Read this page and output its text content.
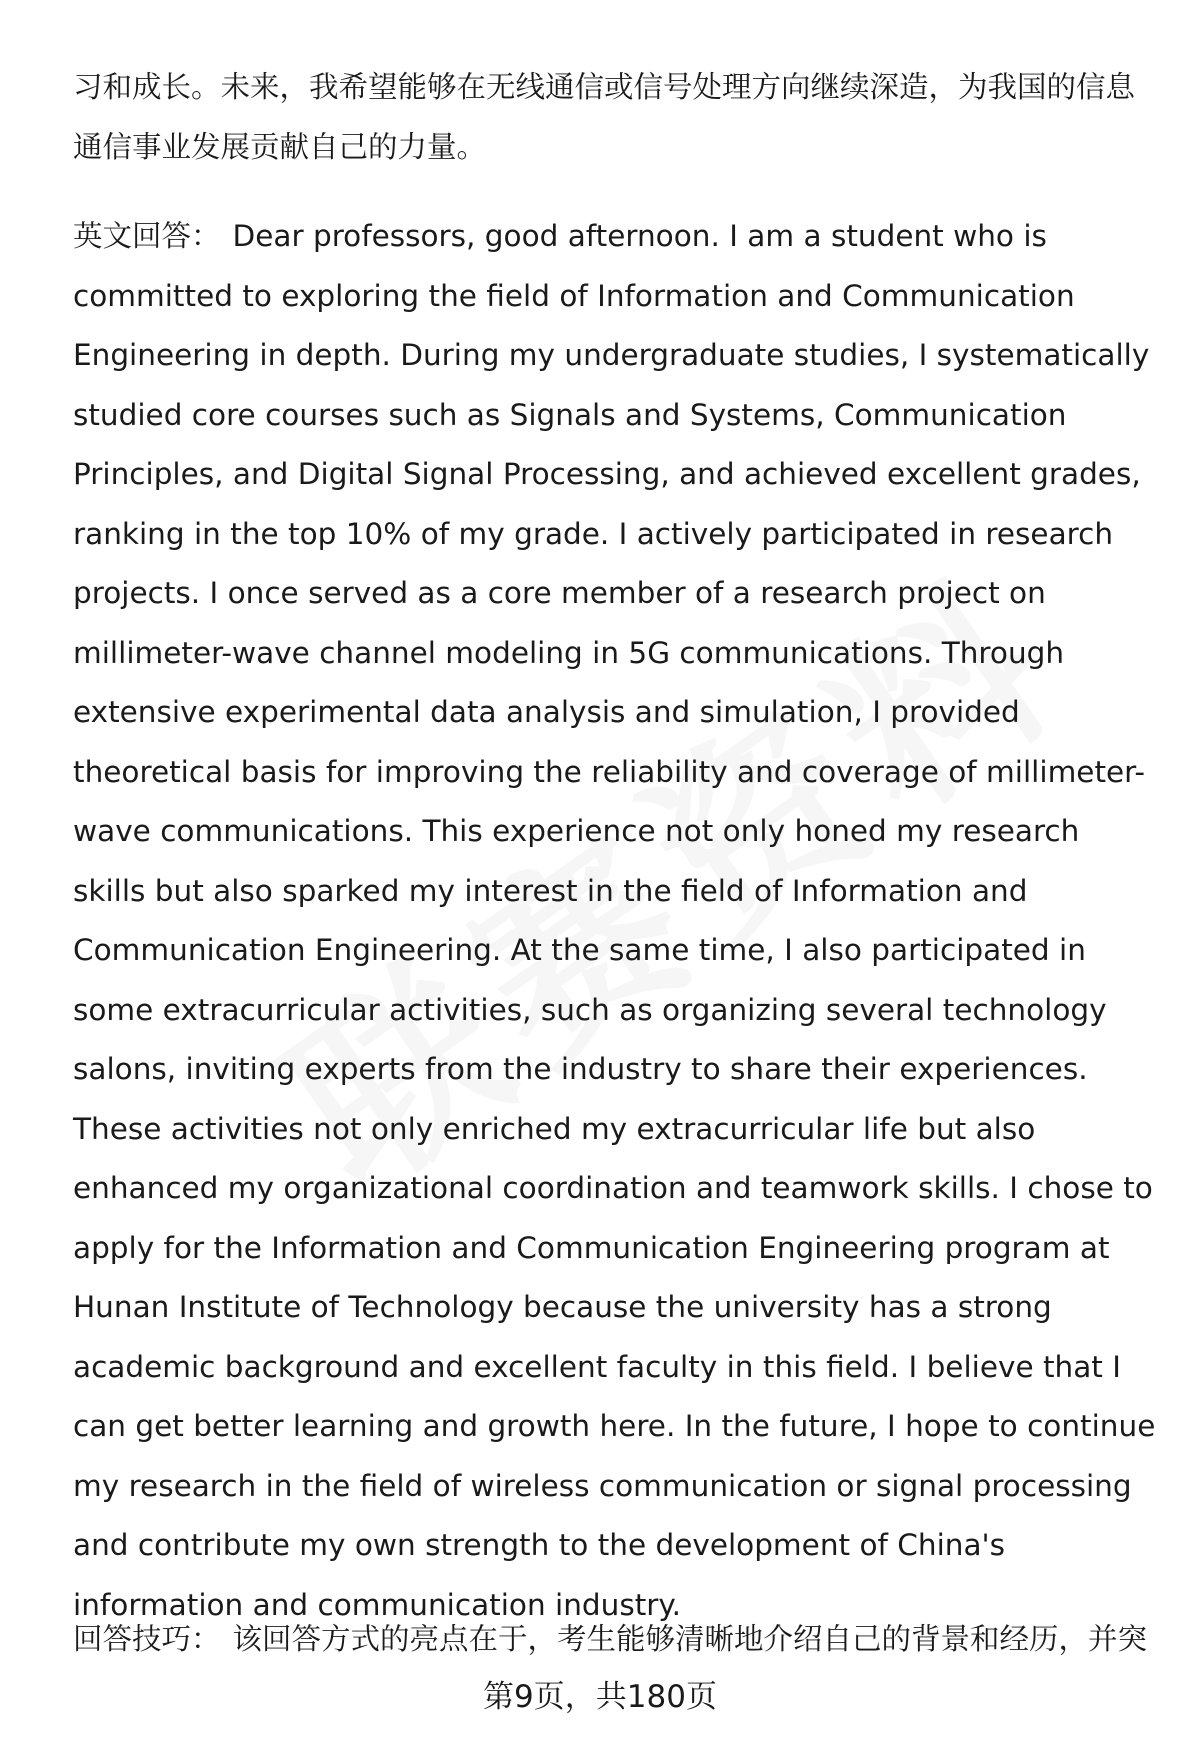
习和成长。未来，我希望能够在无线通信或信号处理方向继续深造，为我国的信息通信事业发展贡献自己的力量。

英文回答： Dear professors, good afternoon. I am a student who is committed to exploring the field of Information and Communication Engineering in depth. During my undergraduate studies, I systematically studied core courses such as Signals and Systems, Communication Principles, and Digital Signal Processing, and achieved excellent grades, ranking in the top 10% of my grade. I actively participated in research projects. I once served as a core member of a research project on millimeter-wave channel modeling in 5G communications. Through extensive experimental data analysis and simulation, I provided theoretical basis for improving the reliability and coverage of millimeter-wave communications. This experience not only honed my research skills but also sparked my interest in the field of Information and Communication Engineering. At the same time, I also participated in some extracurricular activities, such as organizing several technology salons, inviting experts from the industry to share their experiences. These activities not only enriched my extracurricular life but also enhanced my organizational coordination and teamwork skills. I chose to apply for the Information and Communication Engineering program at Hunan Institute of Technology because the university has a strong academic background and excellent faculty in this field. I believe that I can get better learning and growth here. In the future, I hope to continue my research in the field of wireless communication or signal processing and contribute my own strength to the development of China's information and communication industry.

回答技巧： 该回答方式的亮点在于，考生能够清晰地介绍自己的背景和经历，并突

第9页，共180页
